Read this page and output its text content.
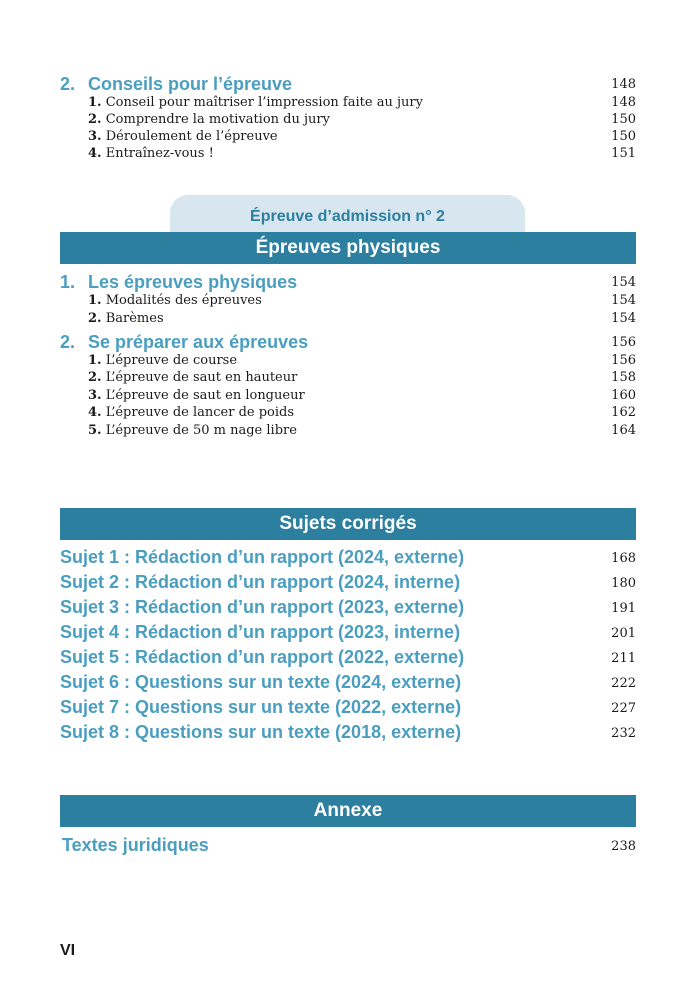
2. Conseils pour l’épreuve	148
1. Conseil pour maîtriser l’impression faite au jury	148
2. Comprendre la motivation du jury	150
3. Déroulement de l’épreuve	150
4. Entraînez-vous !	151
Épreuve d’admission n° 2
Épreuves physiques
1. Les épreuves physiques	154
1. Modalités des épreuves	154
2. Barèmes	154
2. Se préparer aux épreuves	156
1. L’épreuve de course	156
2. L’épreuve de saut en hauteur	158
3. L’épreuve de saut en longueur	160
4. L’épreuve de lancer de poids	162
5. L’épreuve de 50 m nage libre	164
Sujets corrigés
Sujet 1 : Rédaction d’un rapport (2024, externe)	168
Sujet 2 : Rédaction d’un rapport (2024, interne)	180
Sujet 3 : Rédaction d’un rapport (2023, externe)	191
Sujet 4 : Rédaction d’un rapport (2023, interne)	201
Sujet 5 : Rédaction d’un rapport (2022, externe)	211
Sujet 6 : Questions sur un texte (2024, externe)	222
Sujet 7 : Questions sur un texte (2022, externe)	227
Sujet 8 : Questions sur un texte (2018, externe)	232
Annexe
Textes juridiques	238
VI
